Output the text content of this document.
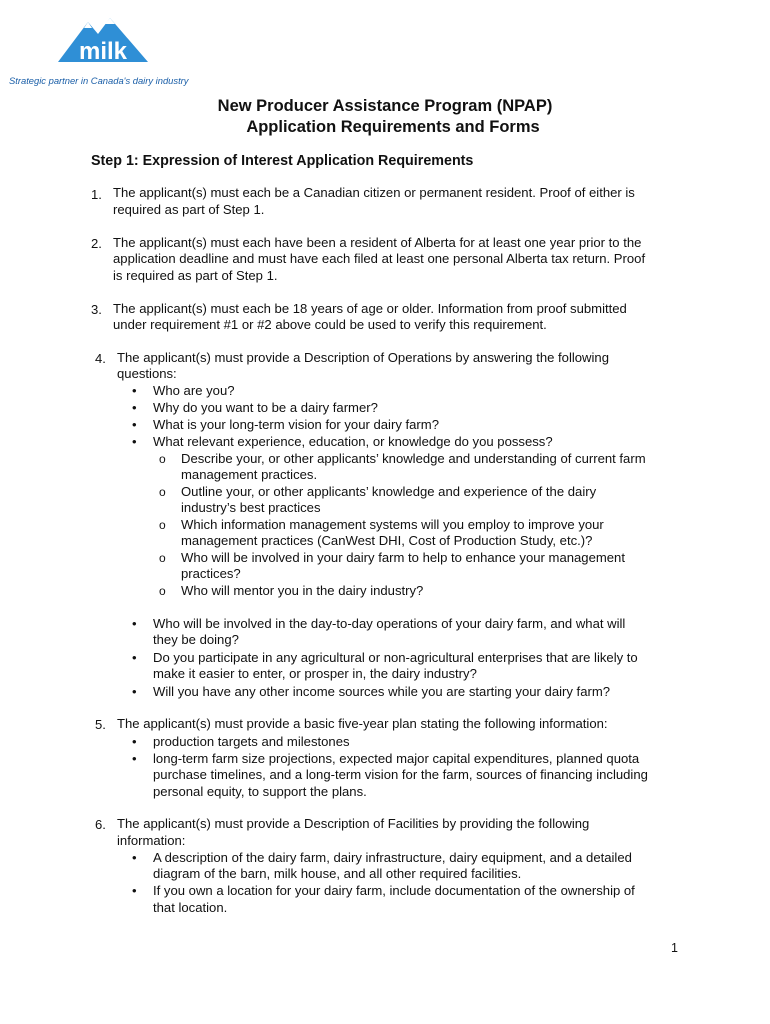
milk
Strategic partner in Canada's dairy industry
New Producer Assistance Program (NPAP)
Application Requirements and Forms
Step 1: Expression of Interest Application Requirements
1. The applicant(s) must each be a Canadian citizen or permanent resident. Proof of either is
required as part of Step 1.
2. The applicant(s) must each have been a resident of Alberta for at least one year prior to the
application deadline and must have each filed at least one personal Alberta tax return. Proof
is required as part of Step 1.
3. The applicant(s) must each be 18 years of age or older. Information from proof submitted
under requirement #1 or #2 above could be used to verify this requirement.
4. The applicant(s) must provide a Description of Operations by answering the following
questions:
• Who are you?
• Why do you want to be a dairy farmer?
• What is your long-term vision for your dairy farm?
• What relevant experience, education, or knowledge do you possess?
o Describe your, or other applicants’ knowledge and understanding of current farm
management practices.
o Outline your, or other applicants’ knowledge and experience of the dairy
industry’s best practices
o Which information management systems will you employ to improve your
management practices (CanWest DHI, Cost of Production Study, etc.)?
o Who will be involved in your dairy farm to help to enhance your management
practices?
o Who will mentor you in the dairy industry?
• Who will be involved in the day-to-day operations of your dairy farm, and what will
they be doing?
• Do you participate in any agricultural or non-agricultural enterprises that are likely to
make it easier to enter, or prosper in, the dairy industry?
• Will you have any other income sources while you are starting your dairy farm?
5. The applicant(s) must provide a basic five-year plan stating the following information:
• production targets and milestones
• long-term farm size projections, expected major capital expenditures, planned quota
purchase timelines, and a long-term vision for the farm, sources of financing including
personal equity, to support the plans.
6. The applicant(s) must provide a Description of Facilities by providing the following
information:
• A description of the dairy farm, dairy infrastructure, dairy equipment, and a detailed
diagram of the barn, milk house, and all other required facilities.
• If you own a location for your dairy farm, include documentation of the ownership of
that location.
1
